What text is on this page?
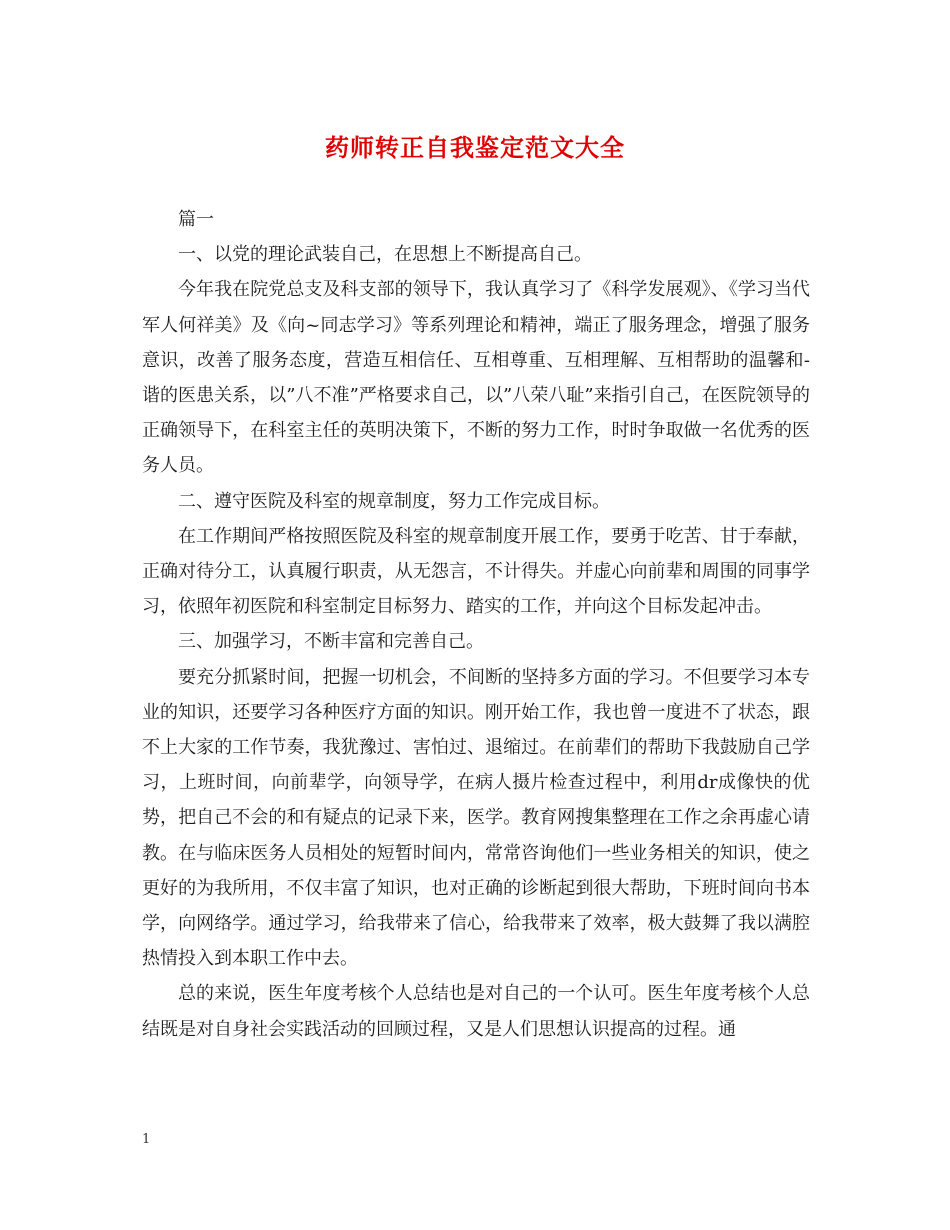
药师转正自我鉴定范文大全

篇一

一、以党的理论武装自己，在思想上不断提高自己。

今年我在院党总支及科支部的领导下，我认真学习了《科学发展观》、《学习当代军人何祥美》及《向~同志学习》等系列理论和精神，端正了服务理念，增强了服务意识，改善了服务态度，营造互相信任、互相尊重、互相理解、互相帮助的温馨和-谐的医患关系，以”八不准”严格要求自己，以”八荣八耻”来指引自己，在医院领导的正确领导下，在科室主任的英明决策下，不断的努力工作，时时争取做一名优秀的医务人员。

二、遵守医院及科室的规章制度，努力工作完成目标。

在工作期间严格按照医院及科室的规章制度开展工作，要勇于吃苦、甘于奉献，正确对待分工，认真履行职责，从无怨言，不计得失。并虚心向前辈和周围的同事学习，依照年初医院和科室制定目标努力、踏实的工作，并向这个目标发起冲击。

三、加强学习，不断丰富和完善自己。

要充分抓紧时间，把握一切机会，不间断的坚持多方面的学习。不但要学习本专业的知识，还要学习各种医疗方面的知识。刚开始工作，我也曾一度进不了状态，跟不上大家的工作节奏，我犹豫过、害怕过、退缩过。在前辈们的帮助下我鼓励自己学习，上班时间，向前辈学，向领导学，在病人摄片检查过程中，利用dr成像快的优势，把自己不会的和有疑点的记录下来，医学。教育网搜集整理在工作之余再虚心请教。在与临床医务人员相处的短暂时间内，常常咨询他们一些业务相关的知识，使之更好的为我所用，不仅丰富了知识，也对正确的诊断起到很大帮助，下班时间向书本学，向网络学。通过学习，给我带来了信心，给我带来了效率，极大鼓舞了我以满腔热情投入到本职工作中去。

总的来说，医生年度考核个人总结也是对自己的一个认可。医生年度考核个人总结既是对自身社会实践活动的回顾过程，又是人们思想认识提高的过程。通

1
